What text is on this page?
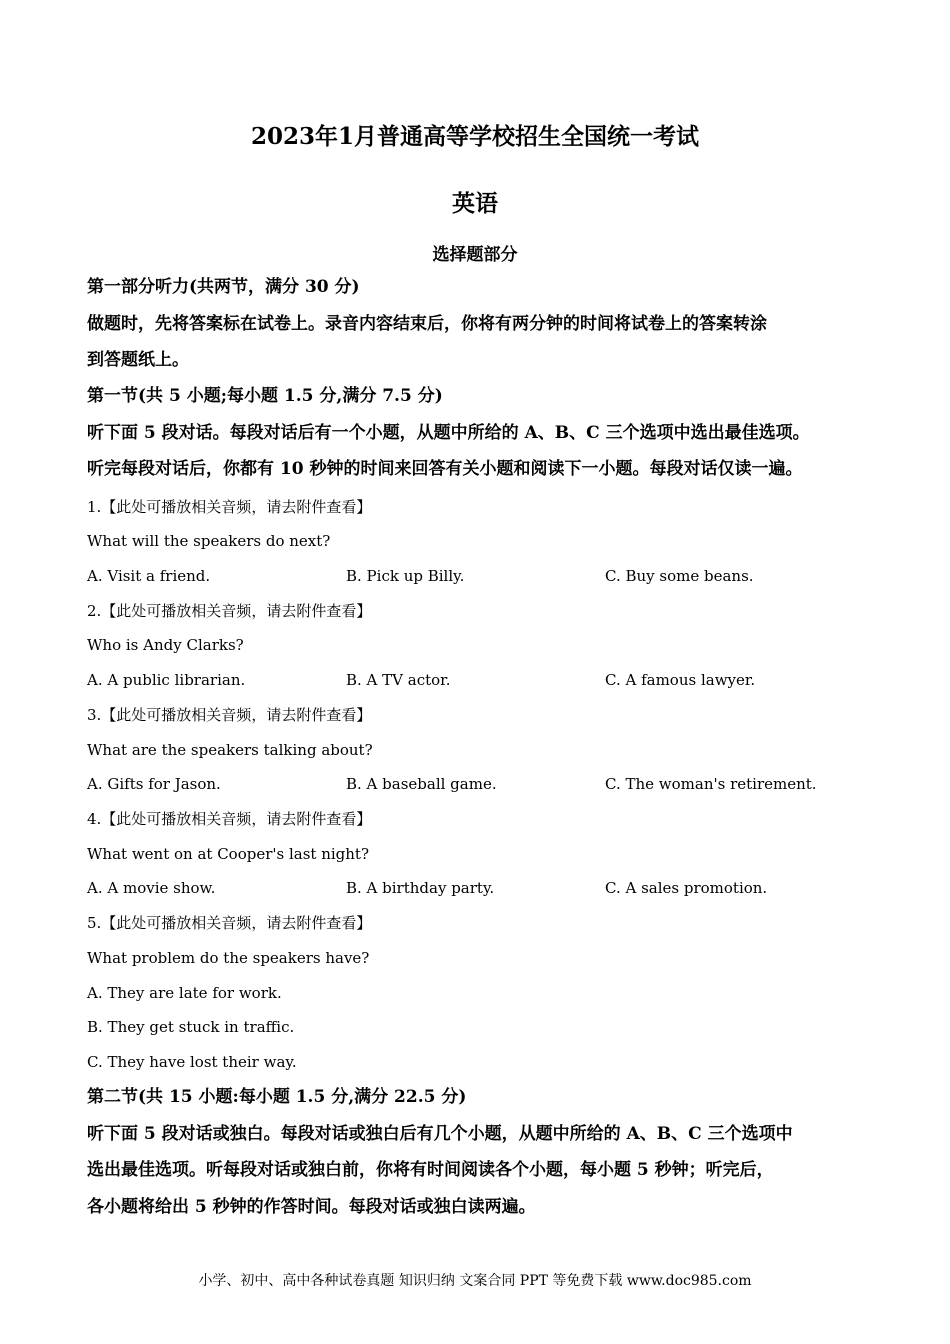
2023年1月普通高等学校招生全国统一考试
英语
选择题部分
第一部分听力(共两节，满分 30 分)
做题时，先将答案标在试卷上。录音内容结束后，你将有两分钟的时间将试卷上的答案转涂
到答题纸上。
第一节(共 5 小题;每小题 1.5 分,满分 7.5 分)
听下面 5 段对话。每段对话后有一个小题，从题中所给的 A、B、C 三个选项中选出最佳选项。
听完每段对话后，你都有 10 秒钟的时间来回答有关小题和阅读下一小题。每段对话仅读一遍。
1.【此处可播放相关音频，请去附件查看】
What will the speakers do next?
A. Visit a friend.	B. Pick up Billy.	C. Buy some beans.
2.【此处可播放相关音频，请去附件查看】
Who is Andy Clarks?
A. A public librarian.	B. A TV actor.	C. A famous lawyer.
3.【此处可播放相关音频，请去附件查看】
What are the speakers talking about?
A. Gifts for Jason.	B. A baseball game.	C. The woman's retirement.
4.【此处可播放相关音频，请去附件查看】
What went on at Cooper's last night?
A. A movie show.	B. A birthday party.	C. A sales promotion.
5.【此处可播放相关音频，请去附件查看】
What problem do the speakers have?
A. They are late for work.
B. They get stuck in traffic.
C. They have lost their way.
第二节(共 15 小题:每小题 1.5 分,满分 22.5 分)
听下面 5 段对话或独白。每段对话或独白后有几个小题，从题中所给的 A、B、C 三个选项中
选出最佳选项。听每段对话或独白前，你将有时间阅读各个小题，每小题 5 秒钟；听完后，
各小题将给出 5 秒钟的作答时间。每段对话或独白读两遍。
小学、初中、高中各种试卷真题 知识归纳 文案合同 PPT 等免费下载 www.doc985.com
